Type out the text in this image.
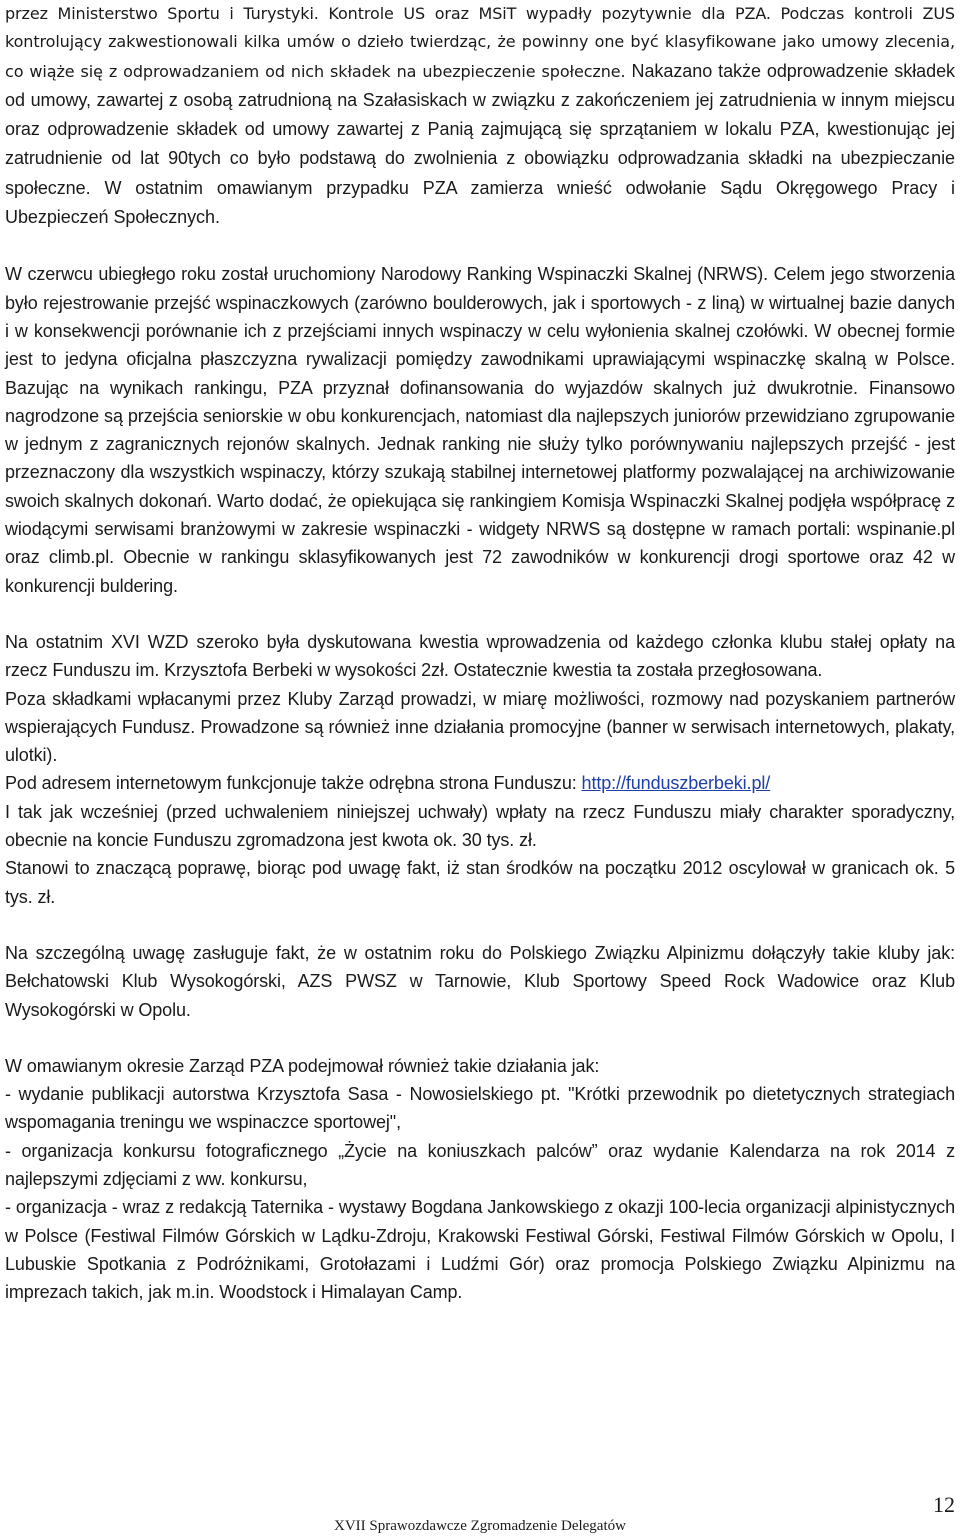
przez Ministerstwo Sportu i Turystyki. Kontrole US oraz MSiT wypadły pozytywnie dla PZA. Podczas kontroli ZUS kontrolujący zakwestionowali kilka umów o dzieło twierdząc, że powinny one być klasyfikowane jako umowy zlecenia, co wiąże się z odprowadzaniem od nich składek na ubezpieczenie społeczne. Nakazano także odprowadzenie składek od umowy, zawartej z osobą zatrudnioną na Szałasiskach w związku z zakończeniem jej zatrudnienia w innym miejscu oraz odprowadzenie składek od umowy zawartej z Panią zajmującą się sprzątaniem w lokalu PZA, kwestionując jej zatrudnienie od lat 90tych co było podstawą do zwolnienia z obowiązku odprowadzania składki na ubezpieczanie społeczne. W ostatnim omawianym przypadku PZA zamierza wnieść odwołanie Sądu Okręgowego Pracy i Ubezpieczeń Społecznych.

W czerwcu ubiegłego roku został uruchomiony Narodowy Ranking Wspinaczki Skalnej (NRWS). Celem jego stworzenia było rejestrowanie przejść wspinaczkowych (zarówno boulderowych, jak i sportowych - z liną) w wirtualnej bazie danych i w konsekwencji porównanie ich z przejściami innych wspinaczy w celu wyłonienia skalnej czołówki. W obecnej formie jest to jedyna oficjalna płaszczyzna rywalizacji pomiędzy zawodnikami uprawiającymi wspinaczkę skalną w Polsce. Bazując na wynikach rankingu, PZA przyznał dofinansowania do wyjazdów skalnych już dwukrotnie. Finansowo nagrodzone są przejścia seniorskie w obu konkurencjach, natomiast dla najlepszych juniorów przewidziano zgrupowanie w jednym z zagranicznych rejonów skalnych. Jednak ranking nie służy tylko porównywaniu najlepszych przejść - jest przeznaczony dla wszystkich wspinaczy, którzy szukają stabilnej internetowej platformy pozwalającej na archiwizowanie swoich skalnych dokonań. Warto dodać, że opiekująca się rankingiem Komisja Wspinaczki Skalnej podjęła współpracę z wiodącymi serwisami branżowymi w zakresie wspinaczki - widgety NRWS są dostępne w ramach portali: wspinanie.pl oraz climb.pl. Obecnie w rankingu sklasyfikowanych jest 72 zawodników w konkurencji drogi sportowe oraz 42 w konkurencji buldering.

Na ostatnim XVI WZD szeroko była dyskutowana kwestia wprowadzenia od każdego członka klubu stałej opłaty na rzecz Funduszu im. Krzysztofa Berbeki w wysokości 2zł. Ostatecznie kwestia ta została przegłosowana.

Poza składkami wpłacanymi przez Kluby Zarząd prowadzi, w miarę możliwości, rozmowy nad pozyskaniem partnerów wspierających Fundusz. Prowadzone są również inne działania promocyjne (banner w serwisach internetowych, plakaty, ulotki).

Pod adresem internetowym funkcjonuje także odrębna strona Funduszu: http://funduszberbeki.pl/

I tak jak wcześniej (przed uchwaleniem niniejszej uchwały) wpłaty na rzecz Funduszu miały charakter sporadyczny, obecnie na koncie Funduszu zgromadzona jest kwota ok. 30 tys. zł.

Stanowi to znaczącą poprawę, biorąc pod uwagę fakt, iż stan środków na początku 2012 oscylował w granicach ok. 5 tys. zł.

Na szczególną uwagę zasługuje fakt, że w ostatnim roku do Polskiego Związku Alpinizmu dołączyły takie kluby jak: Bełchatowski Klub Wysokogórski, AZS PWSZ w Tarnowie, Klub Sportowy Speed Rock Wadowice oraz Klub Wysokogórski w Opolu.

W omawianym okresie Zarząd PZA podejmował również takie działania jak:

- wydanie publikacji autorstwa Krzysztofa Sasa - Nowosielskiego pt. "Krótki przewodnik po dietetycznych strategiach wspomagania treningu we wspinaczce sportowej",

- organizacja konkursu fotograficznego „Życie na koniuszkach palców” oraz wydanie Kalendarza na rok 2014 z najlepszymi zdjęciami z ww. konkursu,

- organizacja - wraz z redakcją Taternika - wystawy Bogdana Jankowskiego z okazji 100-lecia organizacji alpinistycznych w Polsce (Festiwal Filmów Górskich w Lądku-Zdroju, Krakowski Festiwal Górski, Festiwal Filmów Górskich w Opolu, I Lubuskie Spotkania z Podróżnikami, Grotołazami i Ludźmi Gór) oraz promocja Polskiego Związku Alpinizmu na imprezach takich, jak m.in. Woodstock i Himalayan Camp.

12
XVII Sprawozdawcze Zgromadzenie Delegatów
